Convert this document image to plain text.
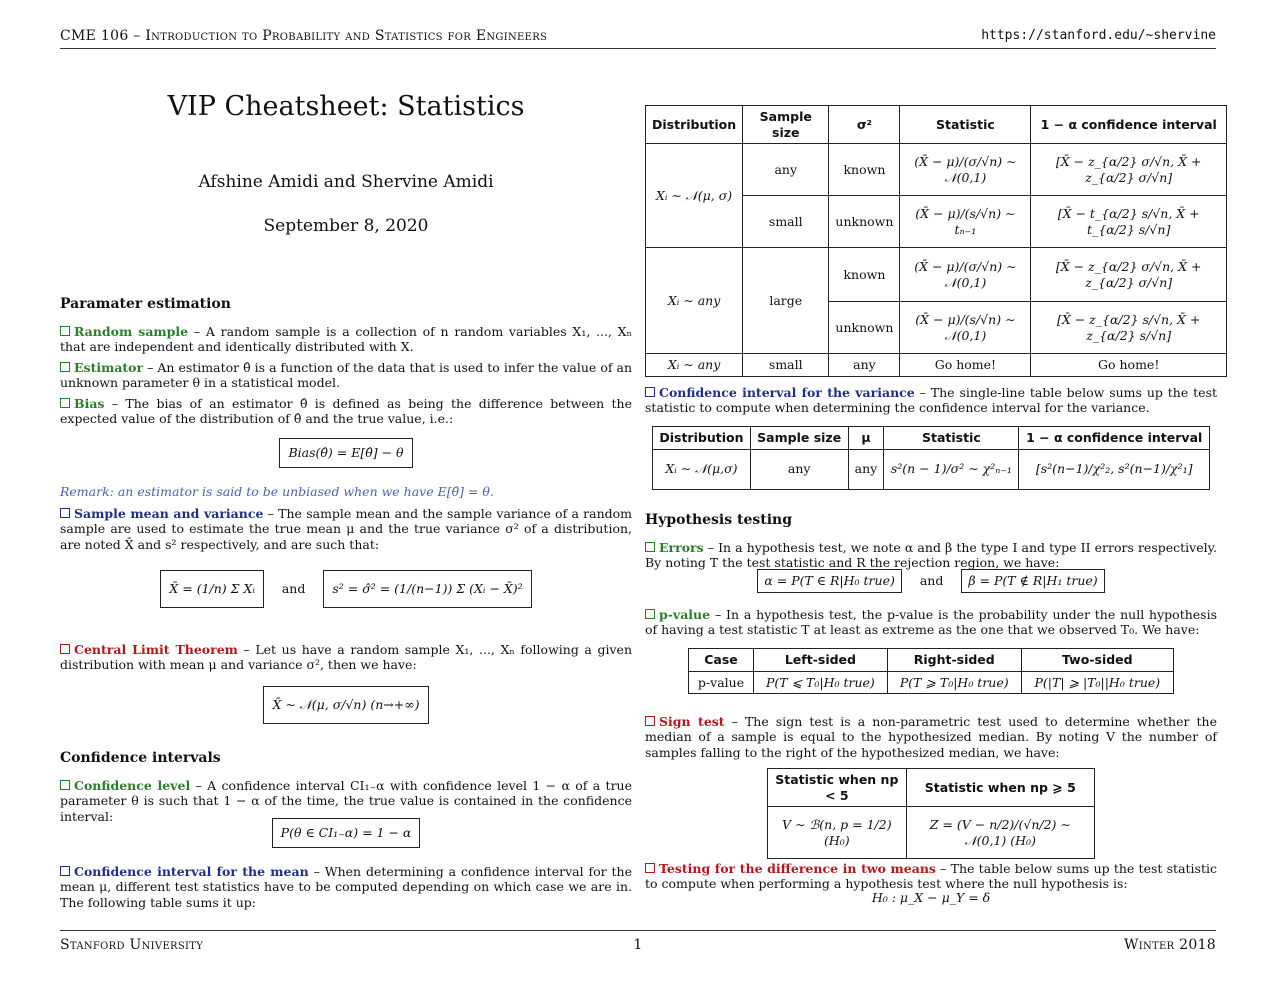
CME 106 – Introduction to Probability and Statistics for Engineers	https://stanford.edu/~shervine
VIP Cheatsheet: Statistics
Afshine Amidi and Shervine Amidi
September 8, 2020
Paramater estimation
Random sample – A random sample is a collection of n random variables X₁, ..., Xₙ that are independent and identically distributed with X.
Estimator – An estimator θ̂ is a function of the data that is used to infer the value of an unknown parameter θ in a statistical model.
Bias – The bias of an estimator θ̂ is defined as being the difference between the expected value of the distribution of θ̂ and the true value, i.e.:
Bias(θ̂) = E[θ̂] − θ
Remark: an estimator is said to be unbiased when we have E[θ̂] = θ.
Sample mean and variance – The sample mean and the sample variance of a random sample are used to estimate the true mean μ and the true variance σ² of a distribution, are noted X̄ and s² respectively, and are such that:
X̄ = (1/n) Σ Xᵢ and s² = σ̂² = (1/(n−1)) Σ (Xᵢ − X̄)²
Central Limit Theorem – Let us have a random sample X₁, ..., Xₙ following a given distribution with mean μ and variance σ², then we have:
X̄ ∼ 𝒩(μ, σ/√n) (n→+∞)
Confidence intervals
Confidence level – A confidence interval CI₁₋α with confidence level 1 − α of a true parameter θ is such that 1 − α of the time, the true value is contained in the confidence interval:
P(θ ∈ CI₁₋α) = 1 − α
Confidence interval for the mean – When determining a confidence interval for the mean μ, different test statistics have to be computed depending on which case we are in. The following table sums it up:
Distribution	Sample size	σ²	Statistic	1 − α confidence interval
Xᵢ ∼ 𝒩(μ, σ)	any	known	(X̄ − μ)/(σ/√n) ∼ 𝒩(0,1)	[X̄ − z_{α/2} σ/√n, X̄ + z_{α/2} σ/√n]
	small	unknown	(X̄ − μ)/(s/√n) ∼ tₙ₋₁	[X̄ − t_{α/2} s/√n, X̄ + t_{α/2} s/√n]
Xᵢ ∼ any	large	known	(X̄ − μ)/(σ/√n) ∼ 𝒩(0,1)	[X̄ − z_{α/2} σ/√n, X̄ + z_{α/2} σ/√n]
		unknown	(X̄ − μ)/(s/√n) ∼ 𝒩(0,1)	[X̄ − z_{α/2} s/√n, X̄ + z_{α/2} s/√n]
Xᵢ ∼ any	small	any	Go home!	Go home!
Confidence interval for the variance – The single-line table below sums up the test statistic to compute when determining the confidence interval for the variance.
Distribution	Sample size	μ	Statistic	1 − α confidence interval
Xᵢ ∼ 𝒩(μ,σ)	any	any	s²(n − 1)/σ² ∼ χ²ₙ₋₁	[s²(n−1)/χ²₂, s²(n−1)/χ²₁]
Hypothesis testing
Errors – In a hypothesis test, we note α and β the type I and type II errors respectively. By noting T the test statistic and R the rejection region, we have:
α = P(T ∈ R|H₀ true) and β = P(T ∉ R|H₁ true)
p-value – In a hypothesis test, the p-value is the probability under the null hypothesis of having a test statistic T at least as extreme as the one that we observed T₀. We have:
Case	Left-sided	Right-sided	Two-sided
p-value	P(T ⩽ T₀|H₀ true)	P(T ⩾ T₀|H₀ true)	P(|T| ⩾ |T₀||H₀ true)
Sign test – The sign test is a non-parametric test used to determine whether the median of a sample is equal to the hypothesized median. By noting V the number of samples falling to the right of the hypothesized median, we have:
Statistic when np < 5	Statistic when np ⩾ 5
V ∼ ℬ(n, p = 1/2) (H₀)	Z = (V − n/2)/(√n/2) ∼ 𝒩(0,1) (H₀)
Testing for the difference in two means – The table below sums up the test statistic to compute when performing a hypothesis test where the null hypothesis is:
H₀ : μ_X − μ_Y = δ
Stanford University	1	Winter 2018
